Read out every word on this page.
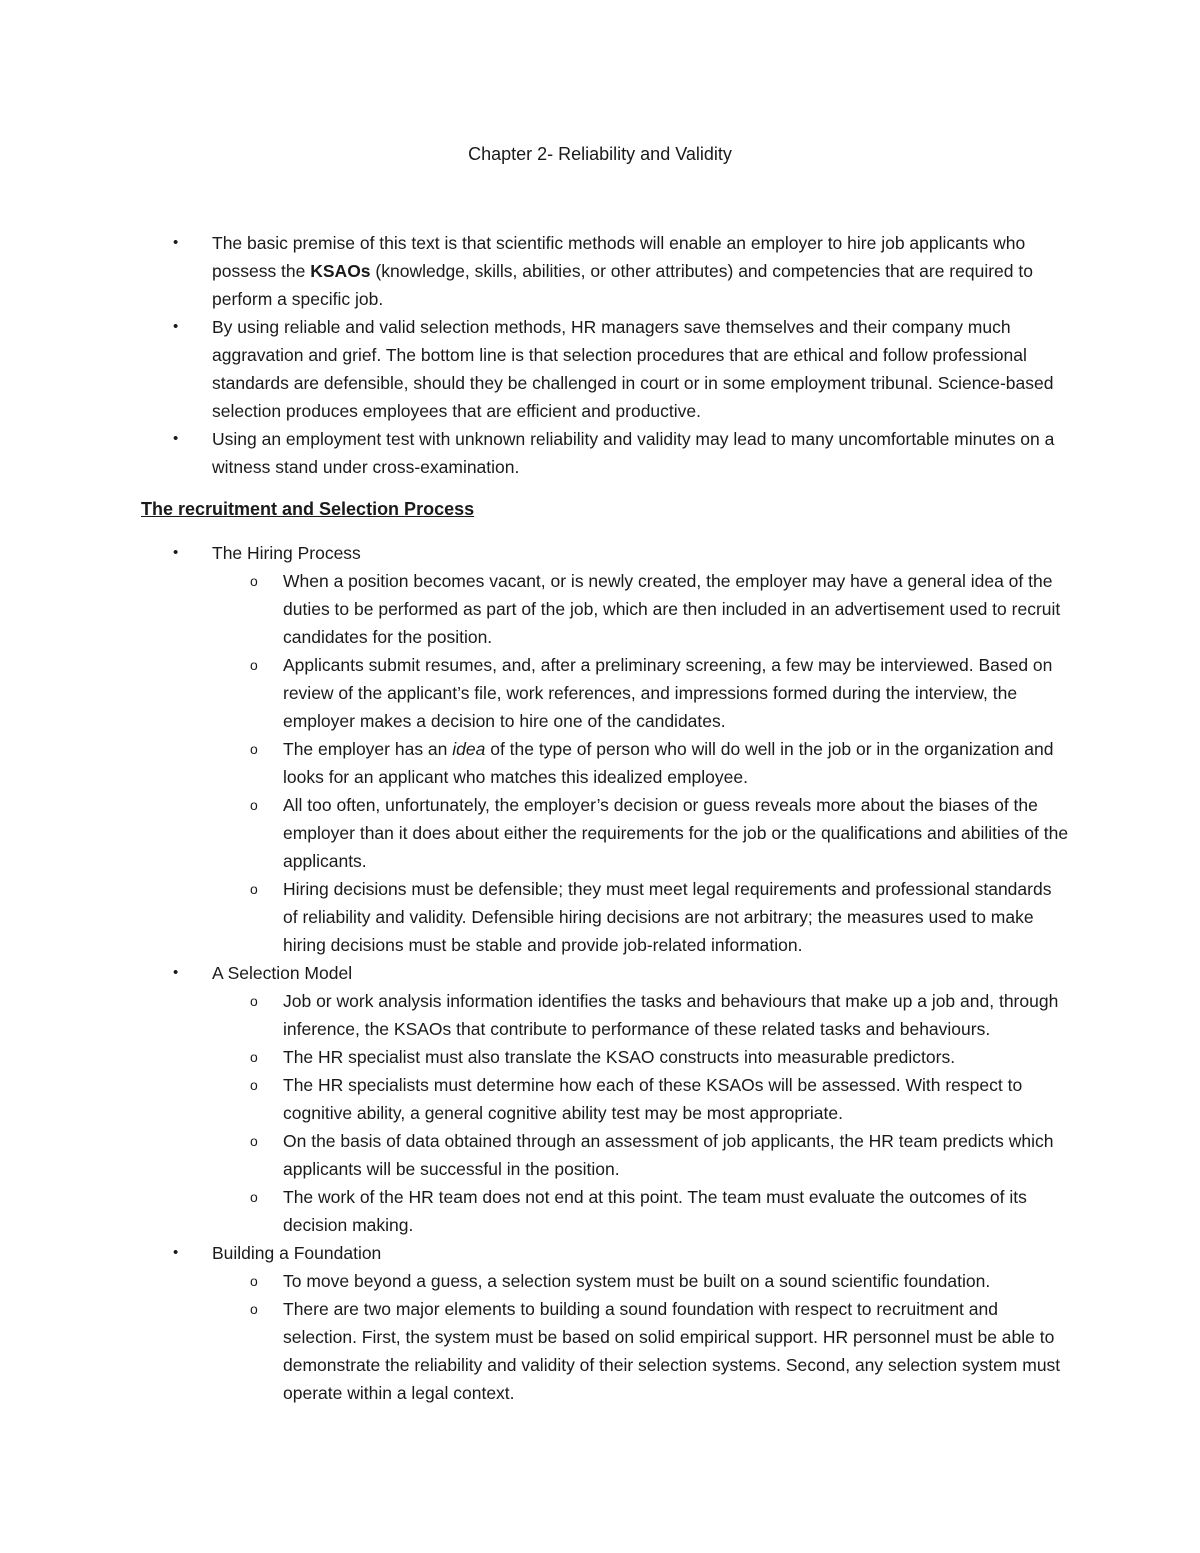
Chapter 2- Reliability and Validity
• The basic premise of this text is that scientific methods will enable an employer to hire job applicants who possess the KSAOs (knowledge, skills, abilities, or other attributes) and competencies that are required to perform a specific job.
• By using reliable and valid selection methods, HR managers save themselves and their company much aggravation and grief. The bottom line is that selection procedures that are ethical and follow professional standards are defensible, should they be challenged in court or in some employment tribunal. Science-based selection produces employees that are efficient and productive.
• Using an employment test with unknown reliability and validity may lead to many uncomfortable minutes on a witness stand under cross-examination.
The recruitment and Selection Process
• The Hiring Process
o When a position becomes vacant, or is newly created, the employer may have a general idea of the duties to be performed as part of the job, which are then included in an advertisement used to recruit candidates for the position.
o Applicants submit resumes, and, after a preliminary screening, a few may be interviewed. Based on review of the applicant’s file, work references, and impressions formed during the interview, the employer makes a decision to hire one of the candidates.
o The employer has an idea of the type of person who will do well in the job or in the organization and looks for an applicant who matches this idealized employee.
o All too often, unfortunately, the employer’s decision or guess reveals more about the biases of the employer than it does about either the requirements for the job or the qualifications and abilities of the applicants.
o Hiring decisions must be defensible; they must meet legal requirements and professional standards of reliability and validity. Defensible hiring decisions are not arbitrary; the measures used to make hiring decisions must be stable and provide job-related information.
• A Selection Model
o Job or work analysis information identifies the tasks and behaviours that make up a job and, through inference, the KSAOs that contribute to performance of these related tasks and behaviours.
o The HR specialist must also translate the KSAO constructs into measurable predictors.
o The HR specialists must determine how each of these KSAOs will be assessed. With respect to cognitive ability, a general cognitive ability test may be most appropriate.
o On the basis of data obtained through an assessment of job applicants, the HR team predicts which applicants will be successful in the position.
o The work of the HR team does not end at this point. The team must evaluate the outcomes of its decision making.
• Building a Foundation
o To move beyond a guess, a selection system must be built on a sound scientific foundation.
o There are two major elements to building a sound foundation with respect to recruitment and selection. First, the system must be based on solid empirical support. HR personnel must be able to demonstrate the reliability and validity of their selection systems. Second, any selection system must operate within a legal context.
